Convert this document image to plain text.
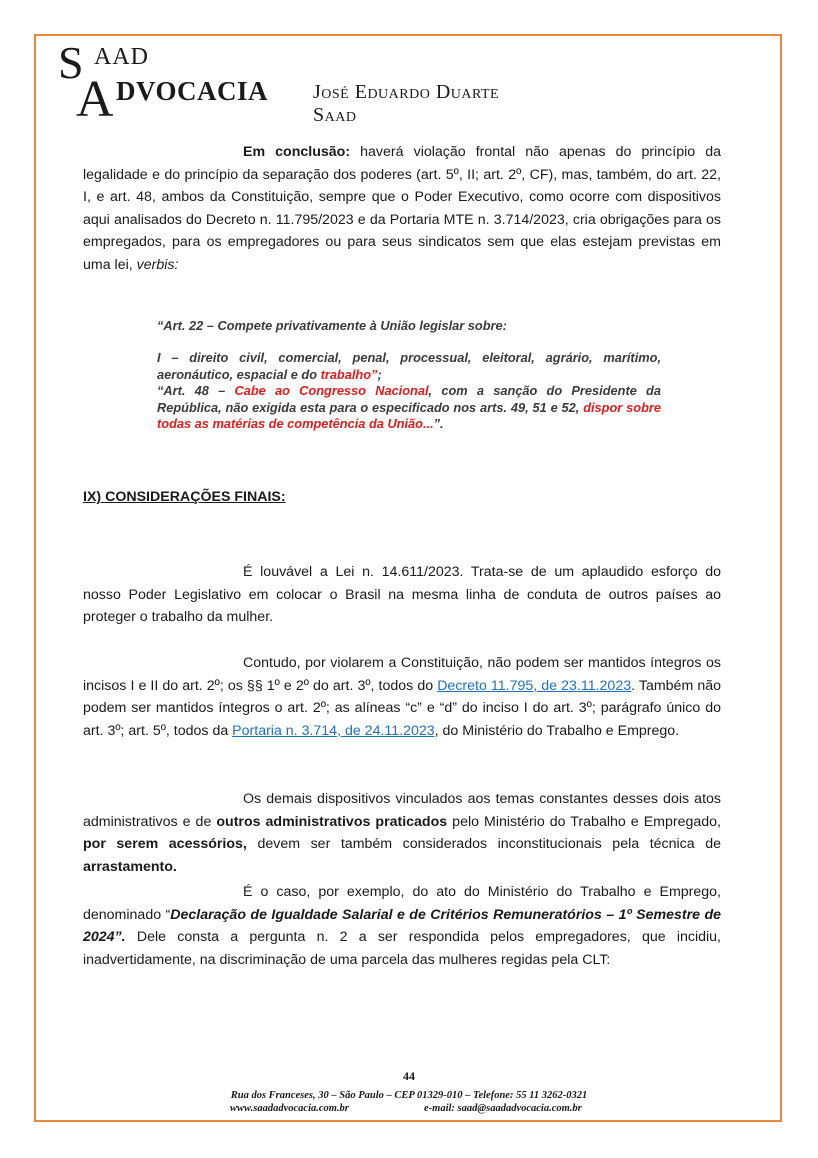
S AAD
A DVOCACIA José Eduardo Duarte Saad

Em conclusão: haverá violação frontal não apenas do princípio da legalidade e do princípio da separação dos poderes (art. 5º, II; art. 2º, CF), mas, também, do art. 22, I, e art. 48, ambos da Constituição, sempre que o Poder Executivo, como ocorre com dispositivos aqui analisados do Decreto n. 11.795/2023 e da Portaria MTE n. 3.714/2023, cria obrigações para os empregados, para os empregadores ou para seus sindicatos sem que elas estejam previstas em uma lei, verbis:

“Art. 22 – Compete privativamente à União legislar sobre:

I – direito civil, comercial, penal, processual, eleitoral, agrário, marítimo, aeronáutico, espacial e do trabalho”;
“Art. 48 – Cabe ao Congresso Nacional, com a sanção do Presidente da República, não exigida esta para o especificado nos arts. 49, 51 e 52, dispor sobre todas as matérias de competência da União...”.

IX) CONSIDERAÇÕES FINAIS:

É louvável a Lei n. 14.611/2023. Trata-se de um aplaudido esforço do nosso Poder Legislativo em colocar o Brasil na mesma linha de conduta de outros países ao proteger o trabalho da mulher.

Contudo, por violarem a Constituição, não podem ser mantidos íntegros os incisos I e II do art. 2º; os §§ 1º e 2º do art. 3º, todos do Decreto 11.795, de 23.11.2023. Também não podem ser mantidos íntegros o art. 2º; as alíneas “c” e “d” do inciso I do art. 3º; parágrafo único do art. 3º; art. 5º, todos da Portaria n. 3.714, de 24.11.2023, do Ministério do Trabalho e Emprego.

Os demais dispositivos vinculados aos temas constantes desses dois atos administrativos e de outros administrativos praticados pelo Ministério do Trabalho e Empregado, por serem acessórios, devem ser também considerados inconstitucionais pela técnica de arrastamento.

É o caso, por exemplo, do ato do Ministério do Trabalho e Emprego, denominado “Declaração de Igualdade Salarial e de Critérios Remuneratórios – 1º Semestre de 2024”. Dele consta a pergunta n. 2 a ser respondida pelos empregadores, que incidiu, inadvertidamente, na discriminação de uma parcela das mulheres regidas pela CLT:

44

Rua dos Franceses, 30 – São Paulo – CEP 01329-010 – Telefone: 55 11 3262-0321

www.saadadvocacia.com.br	e-mail: saad@saadadvocacia.com.br
